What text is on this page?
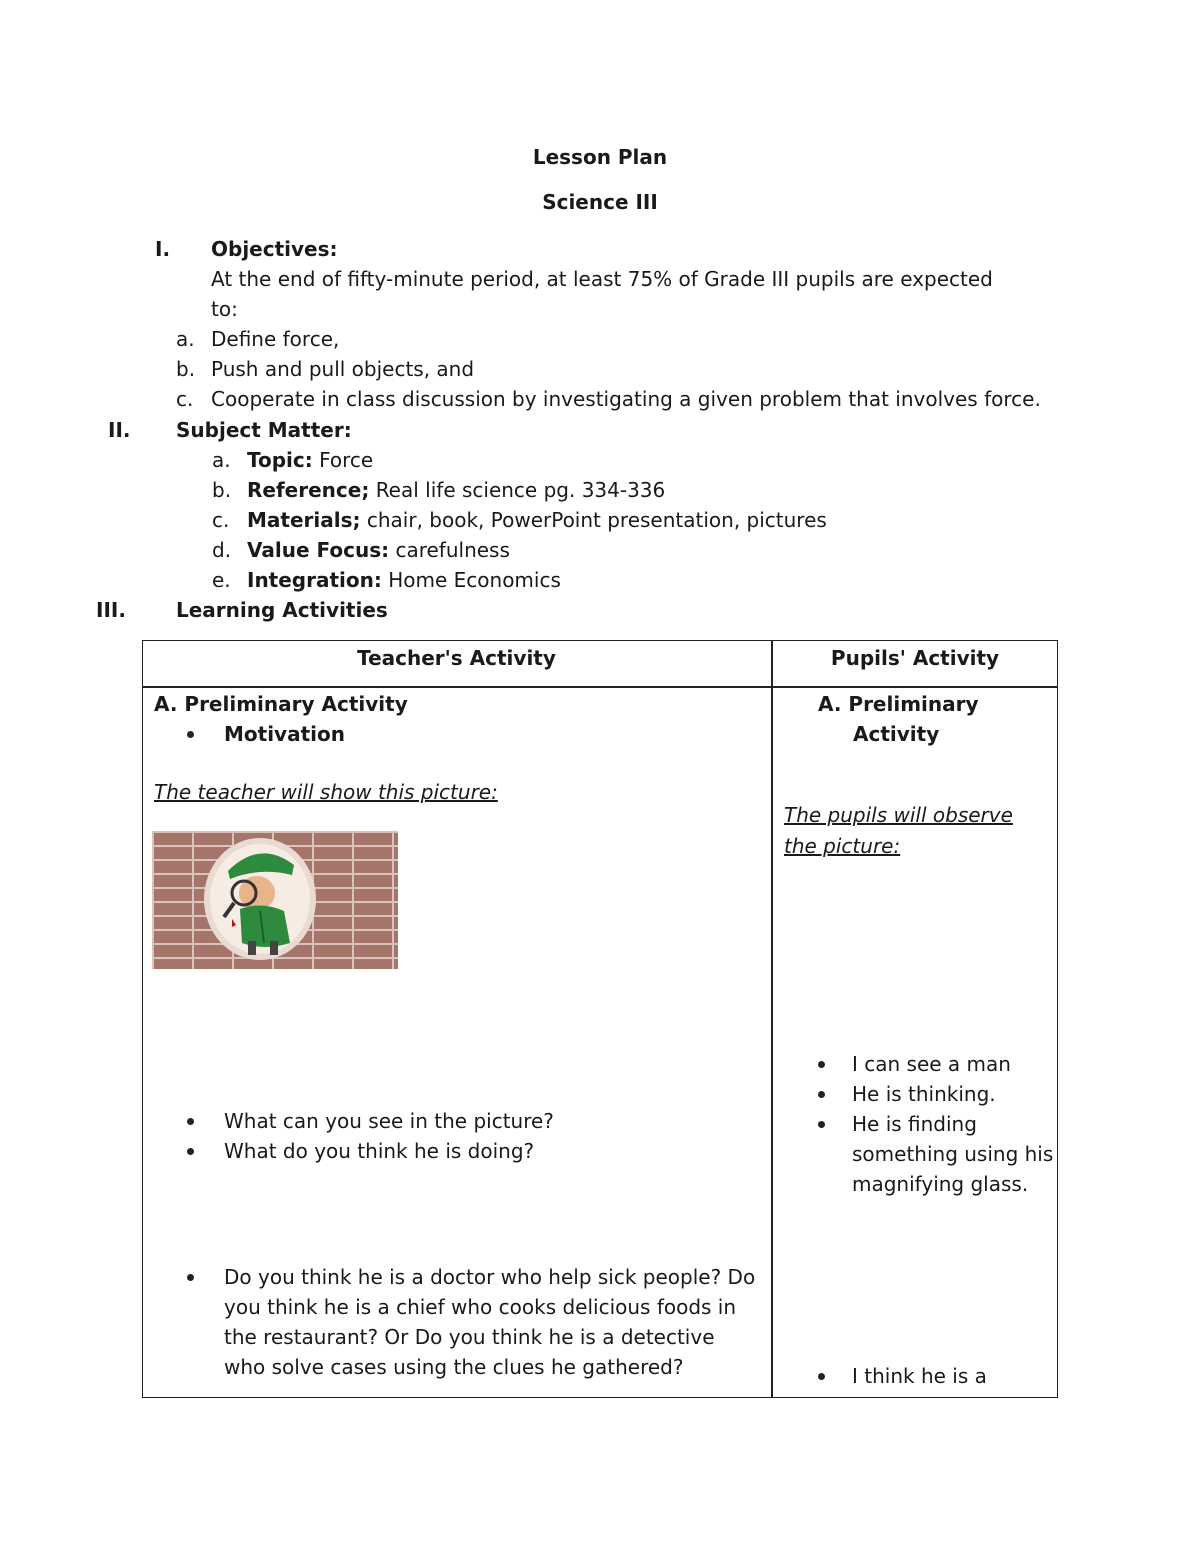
Lesson Plan
Science III
I. Objectives:
At the end of fifty-minute period, at least 75% of Grade III pupils are expected
to:
a. Define force,
b. Push and pull objects, and
c. Cooperate in class discussion by investigating a given problem that involves force.
II. Subject Matter:
a. Topic: Force
b. Reference; Real life science pg. 334-336
c. Materials; chair, book, PowerPoint presentation, pictures
d. Value Focus: carefulness
e. Integration: Home Economics
III.	Learning Activities
Teacher's Activity	Pupils' Activity
A. Preliminary Activity
Motivation
The teacher will show this picture:
What can you see in the picture?
What do you think he is doing?
Do you think he is a doctor who help sick people? Do
you think he is a chief who cooks delicious foods in
the restaurant? Or Do you think he is a detective
who solve cases using the clues he gathered?
A. Preliminary
Activity
The pupils will observe
the picture:
I can see a man
He is thinking.
He is finding
something using his
magnifying glass.
I think he is a
